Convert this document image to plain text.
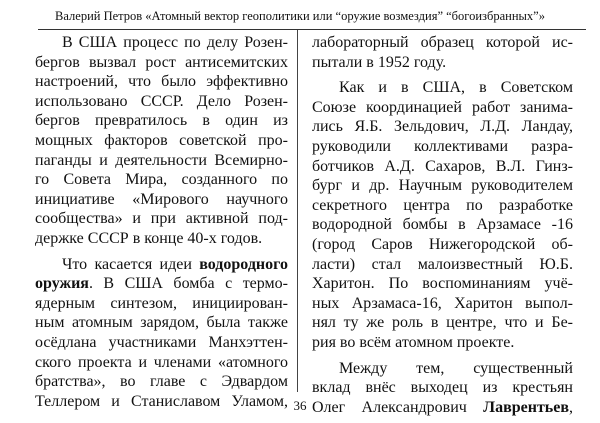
Валерий Петров «Атомный вектор геополитики или “оружие возмездия” “богоизбранных”»
В США процесс по делу Розен-
бергов вызвал рост антисемитских
настроений, что было эффективно
использовано СССР. Дело Розен-
бергов превратилось в один из
мощных факторов советской про-
паганды и деятельности Всемирно-
го Совета Мира, созданного по
инициативе «Мирового научного
сообщества» и при активной под-
держке СССР в конце 40-х годов.
Что касается идеи водородного
оружия. В США бомба с термо-
ядерным синтезом, инициирован-
ным атомным зарядом, была также
осёдлана участниками Манхэттен-
ского проекта и членами «атомного
братства», во главе с Эдвардом
Теллером и Станиславом Уламом,
лабораторный образец которой ис-
пытали в 1952 году.
Как и в США, в Советском
Союзе координацией работ занима-
лись Я.Б. Зельдович, Л.Д. Ландау,
руководили коллективами разра-
ботчиков А.Д. Сахаров, В.Л. Гинз-
бург и др. Научным руководителем
секретного центра по разработке
водородной бомбы в Арзамасе -16
(город Саров Нижегородской об-
ласти) стал малоизвестный Ю.Б.
Харитон. По воспоминаниям учё-
ных Арзамаса-16, Харитон выпол-
нял ту же роль в центре, что и Бе-
рия во всём атомном проекте.
Между тем, существенный
вклад внёс выходец из крестьян
Олег Александрович Лаврентьев,
36
